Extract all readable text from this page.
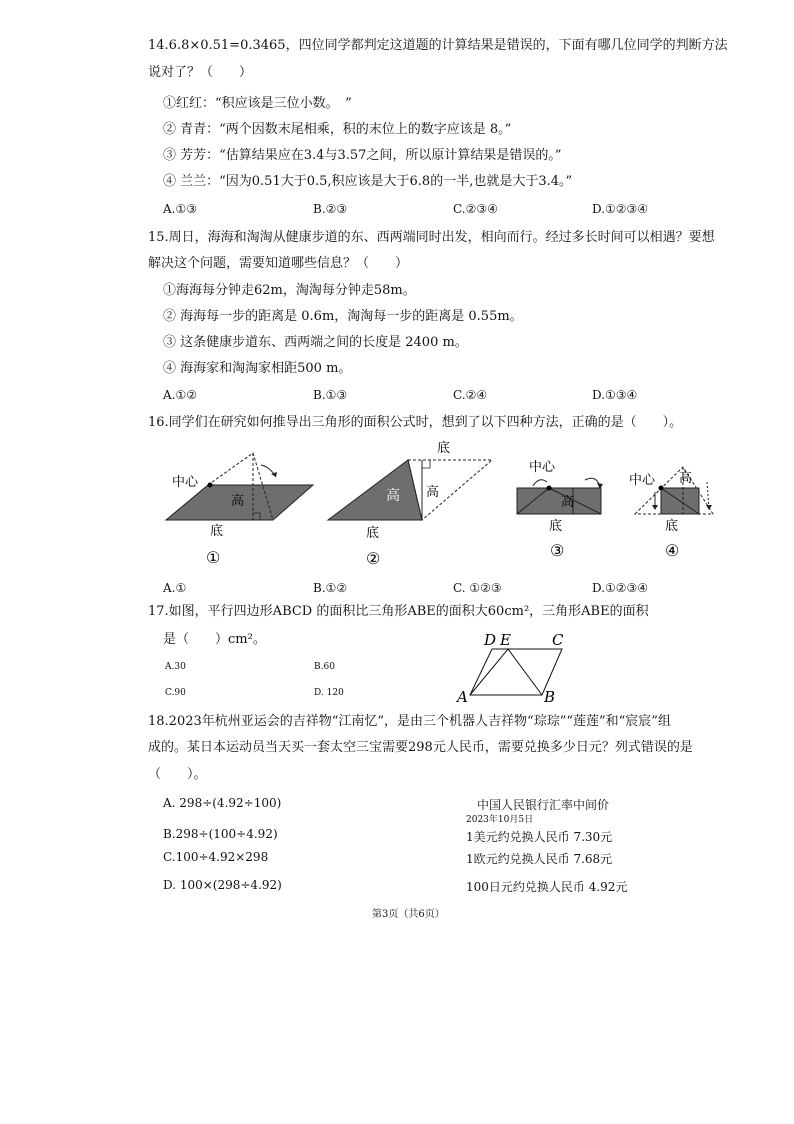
14.6.8×0.51=0.3465，四位同学都判定这道题的计算结果是错误的，下面有哪几位同学的判断方法
说对了？（　　）
①红红：“积应该是三位小数。　”
② 青青：“两个因数末尾相乘，积的末位上的数字应该是 8。”
③ 芳芳：“估算结果应在3.4与3.57之间，所以原计算结果是错误的。”
④ 兰兰：“因为0.51大于0.5,积应该是大于6.8的一半,也就是大于3.4。”
A.①③	B.②③	C.②③④	D.①②③④
15.周日，海海和淘淘从健康步道的东、西两端同时出发，相向而行。经过多长时间可以相遇？要想
解决这个问题，需要知道哪些信息？（　　）
①海海每分钟走62m，淘淘每分钟走58m。
② 海海每一步的距离是 0.6m，淘淘每一步的距离是 0.55m。
③ 这条健康步道东、西两端之间的长度是 2400 m。
④ 海海家和淘淘家相距500 m。
A.①②	B.①③	C.②④	D.①③④
16.同学们在研究如何推导出三角形的面积公式时，想到了以下四种方法，正确的是（　　）。
中心
高
底
①
底
高 高
底
②
中心
高
底
③
中心 高
底
④
A.①	B.①②	C. ①②③	D.①②③④
17.如图，平行四边形ABCD 的面积比三角形ABE的面积大60cm²，三角形ABE的面积
是（　　）cm²。
A.30	B.60
C.90	D. 120
D E	C
A	B
18.2023年杭州亚运会的吉祥物“江南忆”，是由三个机器人吉祥物“琮琮”“莲莲”和“宸宸”组
成的。某日本运动员当天买一套太空三宝需要298元人民币，需要兑换多少日元？列式错误的是
（　　）。
A. 298÷(4.92÷100)
B.298÷(100÷4.92)
C.100÷4.92×298
D. 100×(298÷4.92)
中国人民银行汇率中间价
2023年10月5日
1美元约兑换人民币 7.30元
1欧元约兑换人民币 7.68元
100日元约兑换人民币 4.92元
第3页（共6页）
